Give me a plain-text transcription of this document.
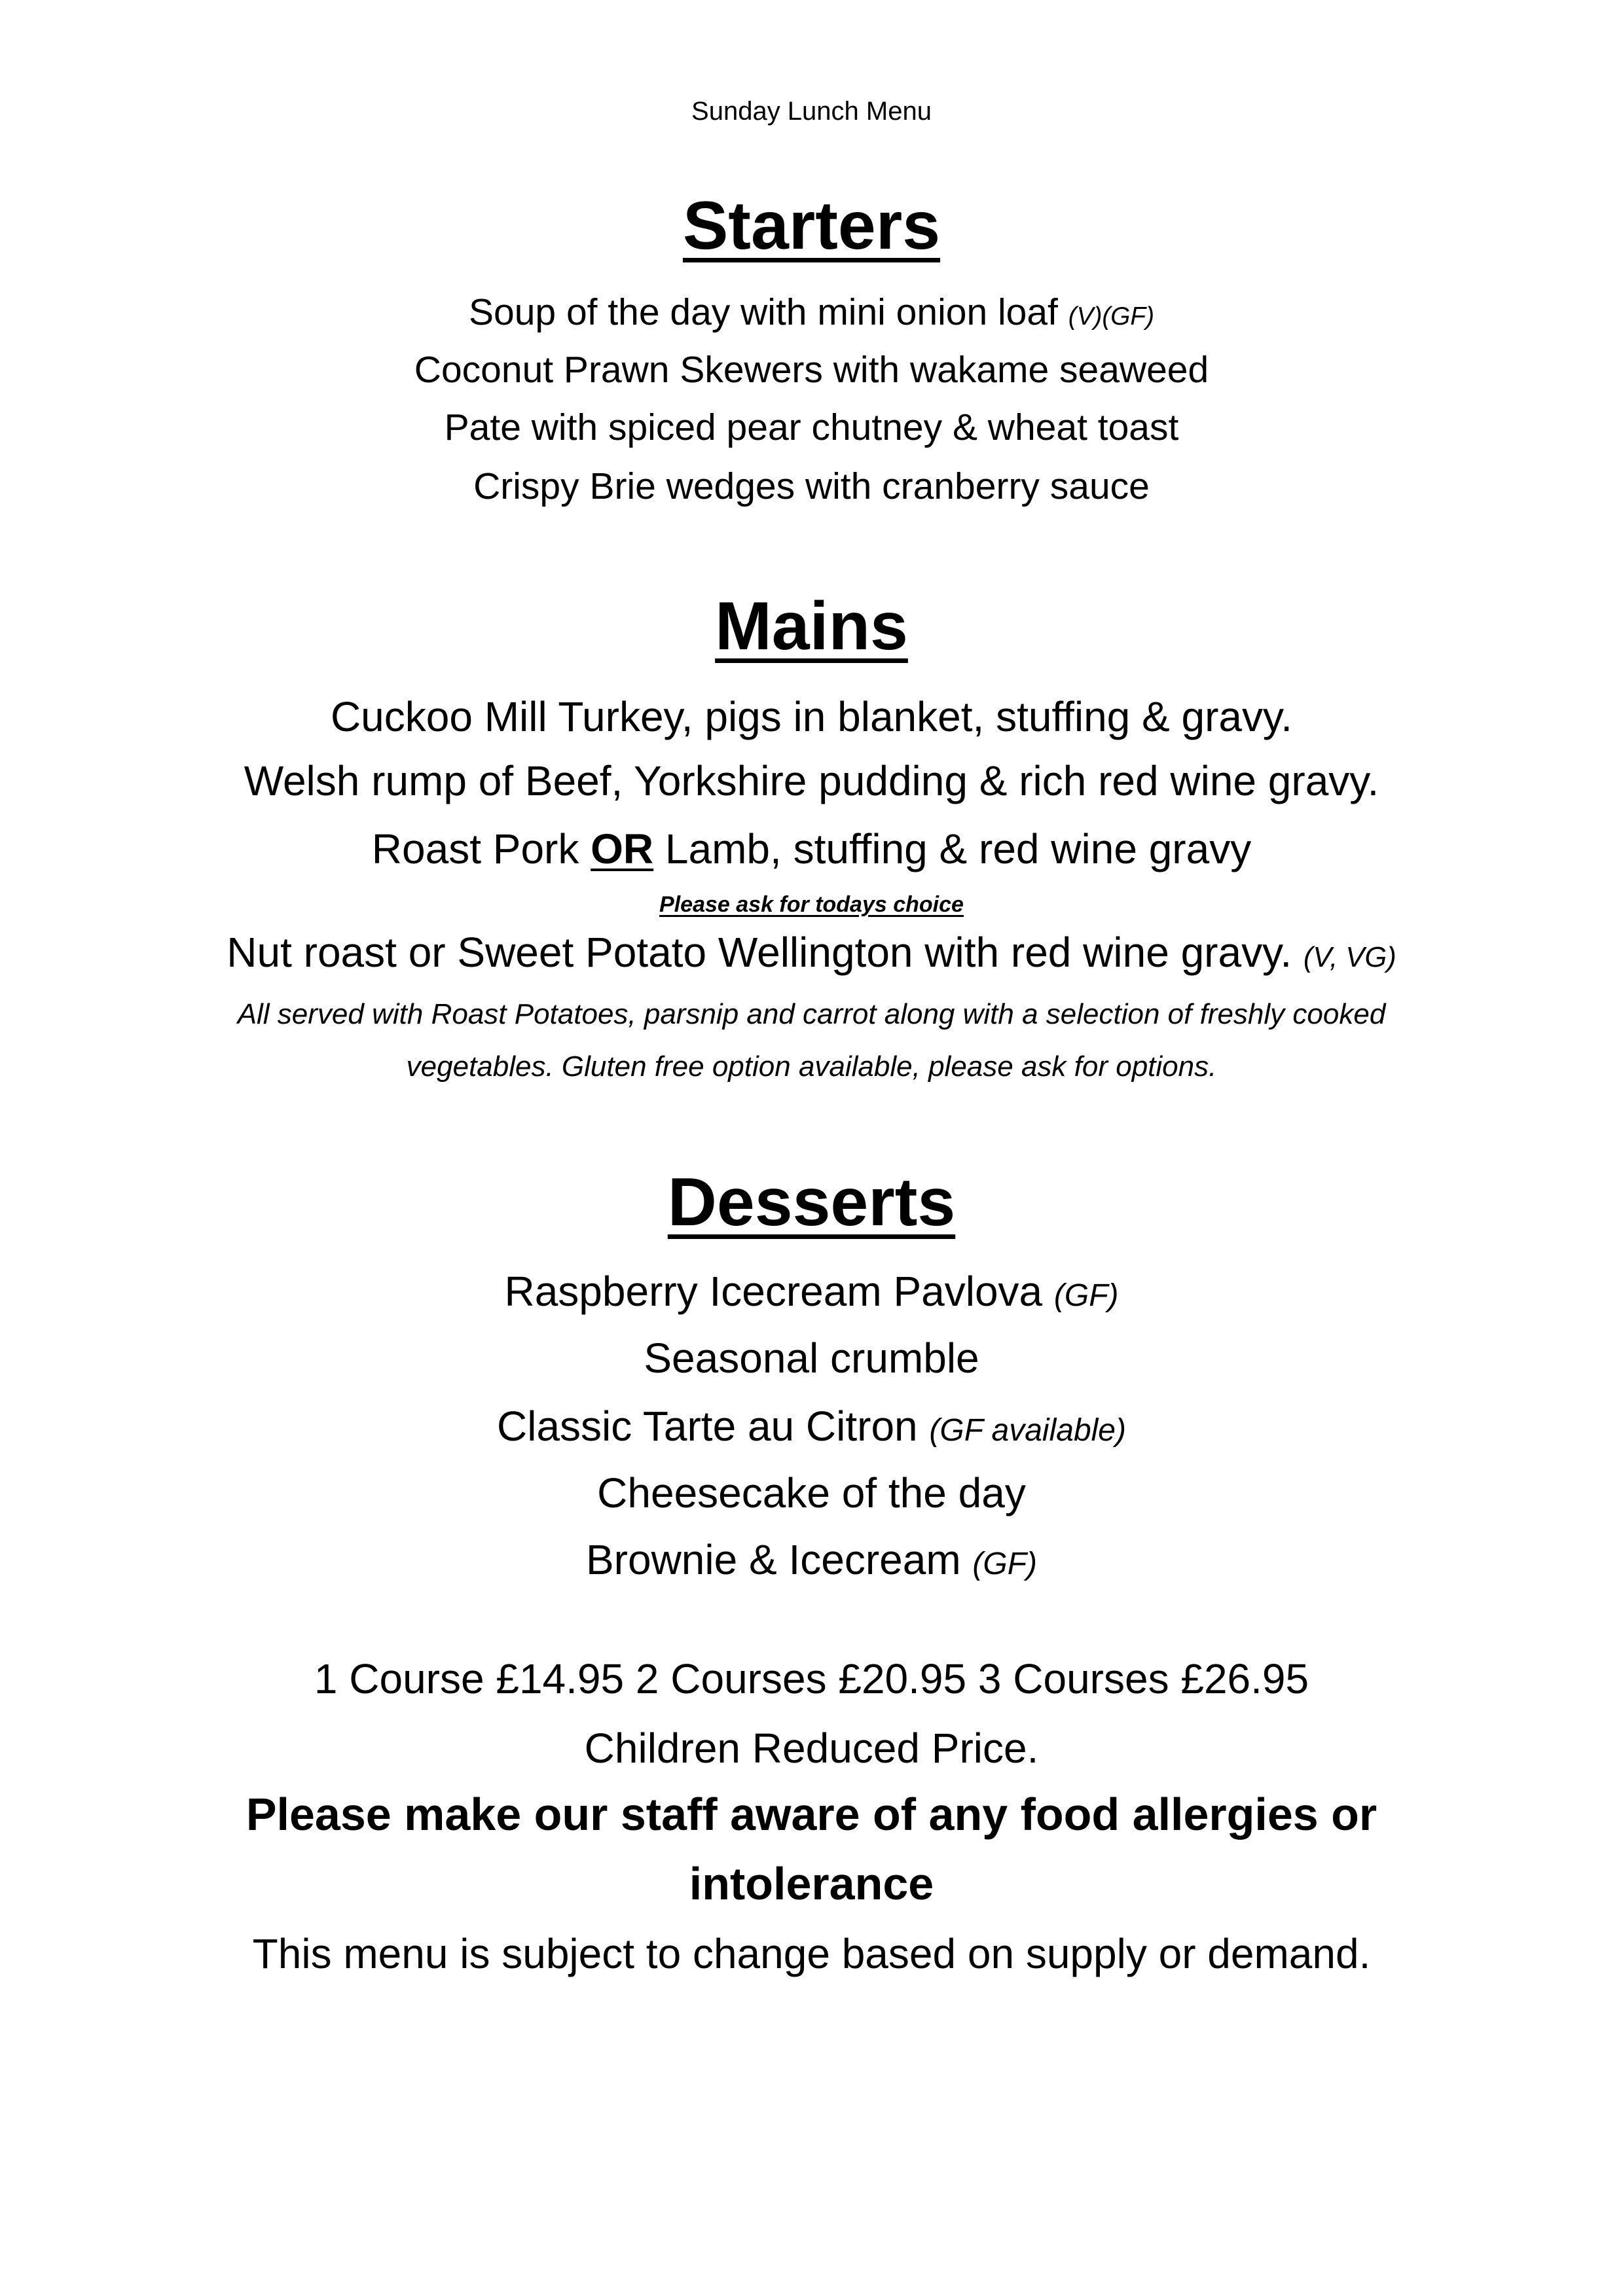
Sunday Lunch Menu
Starters
Soup of the day with mini onion loaf (V)(GF)
Coconut Prawn Skewers with wakame seaweed
Pate with spiced pear chutney & wheat toast
Crispy Brie wedges with cranberry sauce
Mains
Cuckoo Mill Turkey, pigs in blanket, stuffing & gravy.
Welsh rump of Beef, Yorkshire pudding & rich red wine gravy.
Roast Pork OR Lamb, stuffing & red wine gravy
Please ask for todays choice
Nut roast or Sweet Potato Wellington with red wine gravy. (V, VG)
All served with Roast Potatoes, parsnip and carrot along with a selection of freshly cooked
vegetables. Gluten free option available, please ask for options.
Desserts
Raspberry Icecream Pavlova (GF)
Seasonal crumble
Classic Tarte au Citron (GF available)
Cheesecake of the day
Brownie & Icecream (GF)
1 Course £14.95 2 Courses £20.95 3 Courses £26.95
Children Reduced Price.
Please make our staff aware of any food allergies or
intolerance
This menu is subject to change based on supply or demand.
